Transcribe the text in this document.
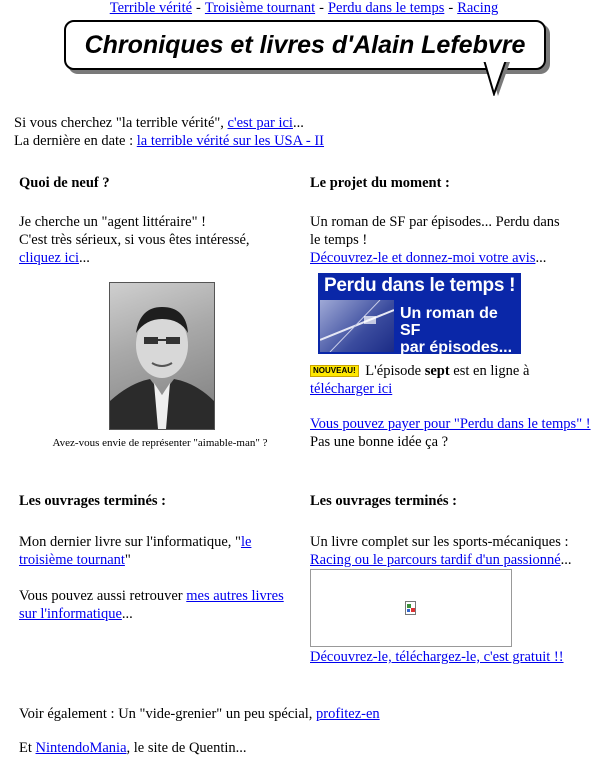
Terrible vérité - Troisième tournant - Perdu dans le temps - Racing
Chroniques et livres d'Alain Lefebvre
Si vous cherchez "la terrible vérité", c'est par ici...
La dernière en date : la terrible vérité sur les USA - II
Quoi de neuf ?
Je cherche un "agent littéraire" !
C'est très sérieux, si vous êtes intéressé,
cliquez ici...
Avez-vous envie de représenter "aimable-man" ?
Le projet du moment :
Un roman de SF par épisodes... Perdu dans
le temps !
Découvrez-le et donnez-moi votre avis...
Perdu dans le temps !
Un roman de SF
par épisodes...
NOUVEAU! L'épisode sept est en ligne à
télécharger ici
Vous pouvez payer pour "Perdu dans le temps" !
Pas une bonne idée ça ?
Les ouvrages terminés :
Mon dernier livre sur l'informatique, "le troisième tournant"
Vous pouvez aussi retrouver mes autres livres sur l'informatique...
Les ouvrages terminés :
Un livre complet sur les sports-mécaniques :
Racing ou le parcours tardif d'un passionné...
Découvrez-le, téléchargez-le, c'est gratuit !!
Voir également : Un "vide-grenier" un peu spécial, profitez-en
Et NintendoMania, le site de Quentin...
